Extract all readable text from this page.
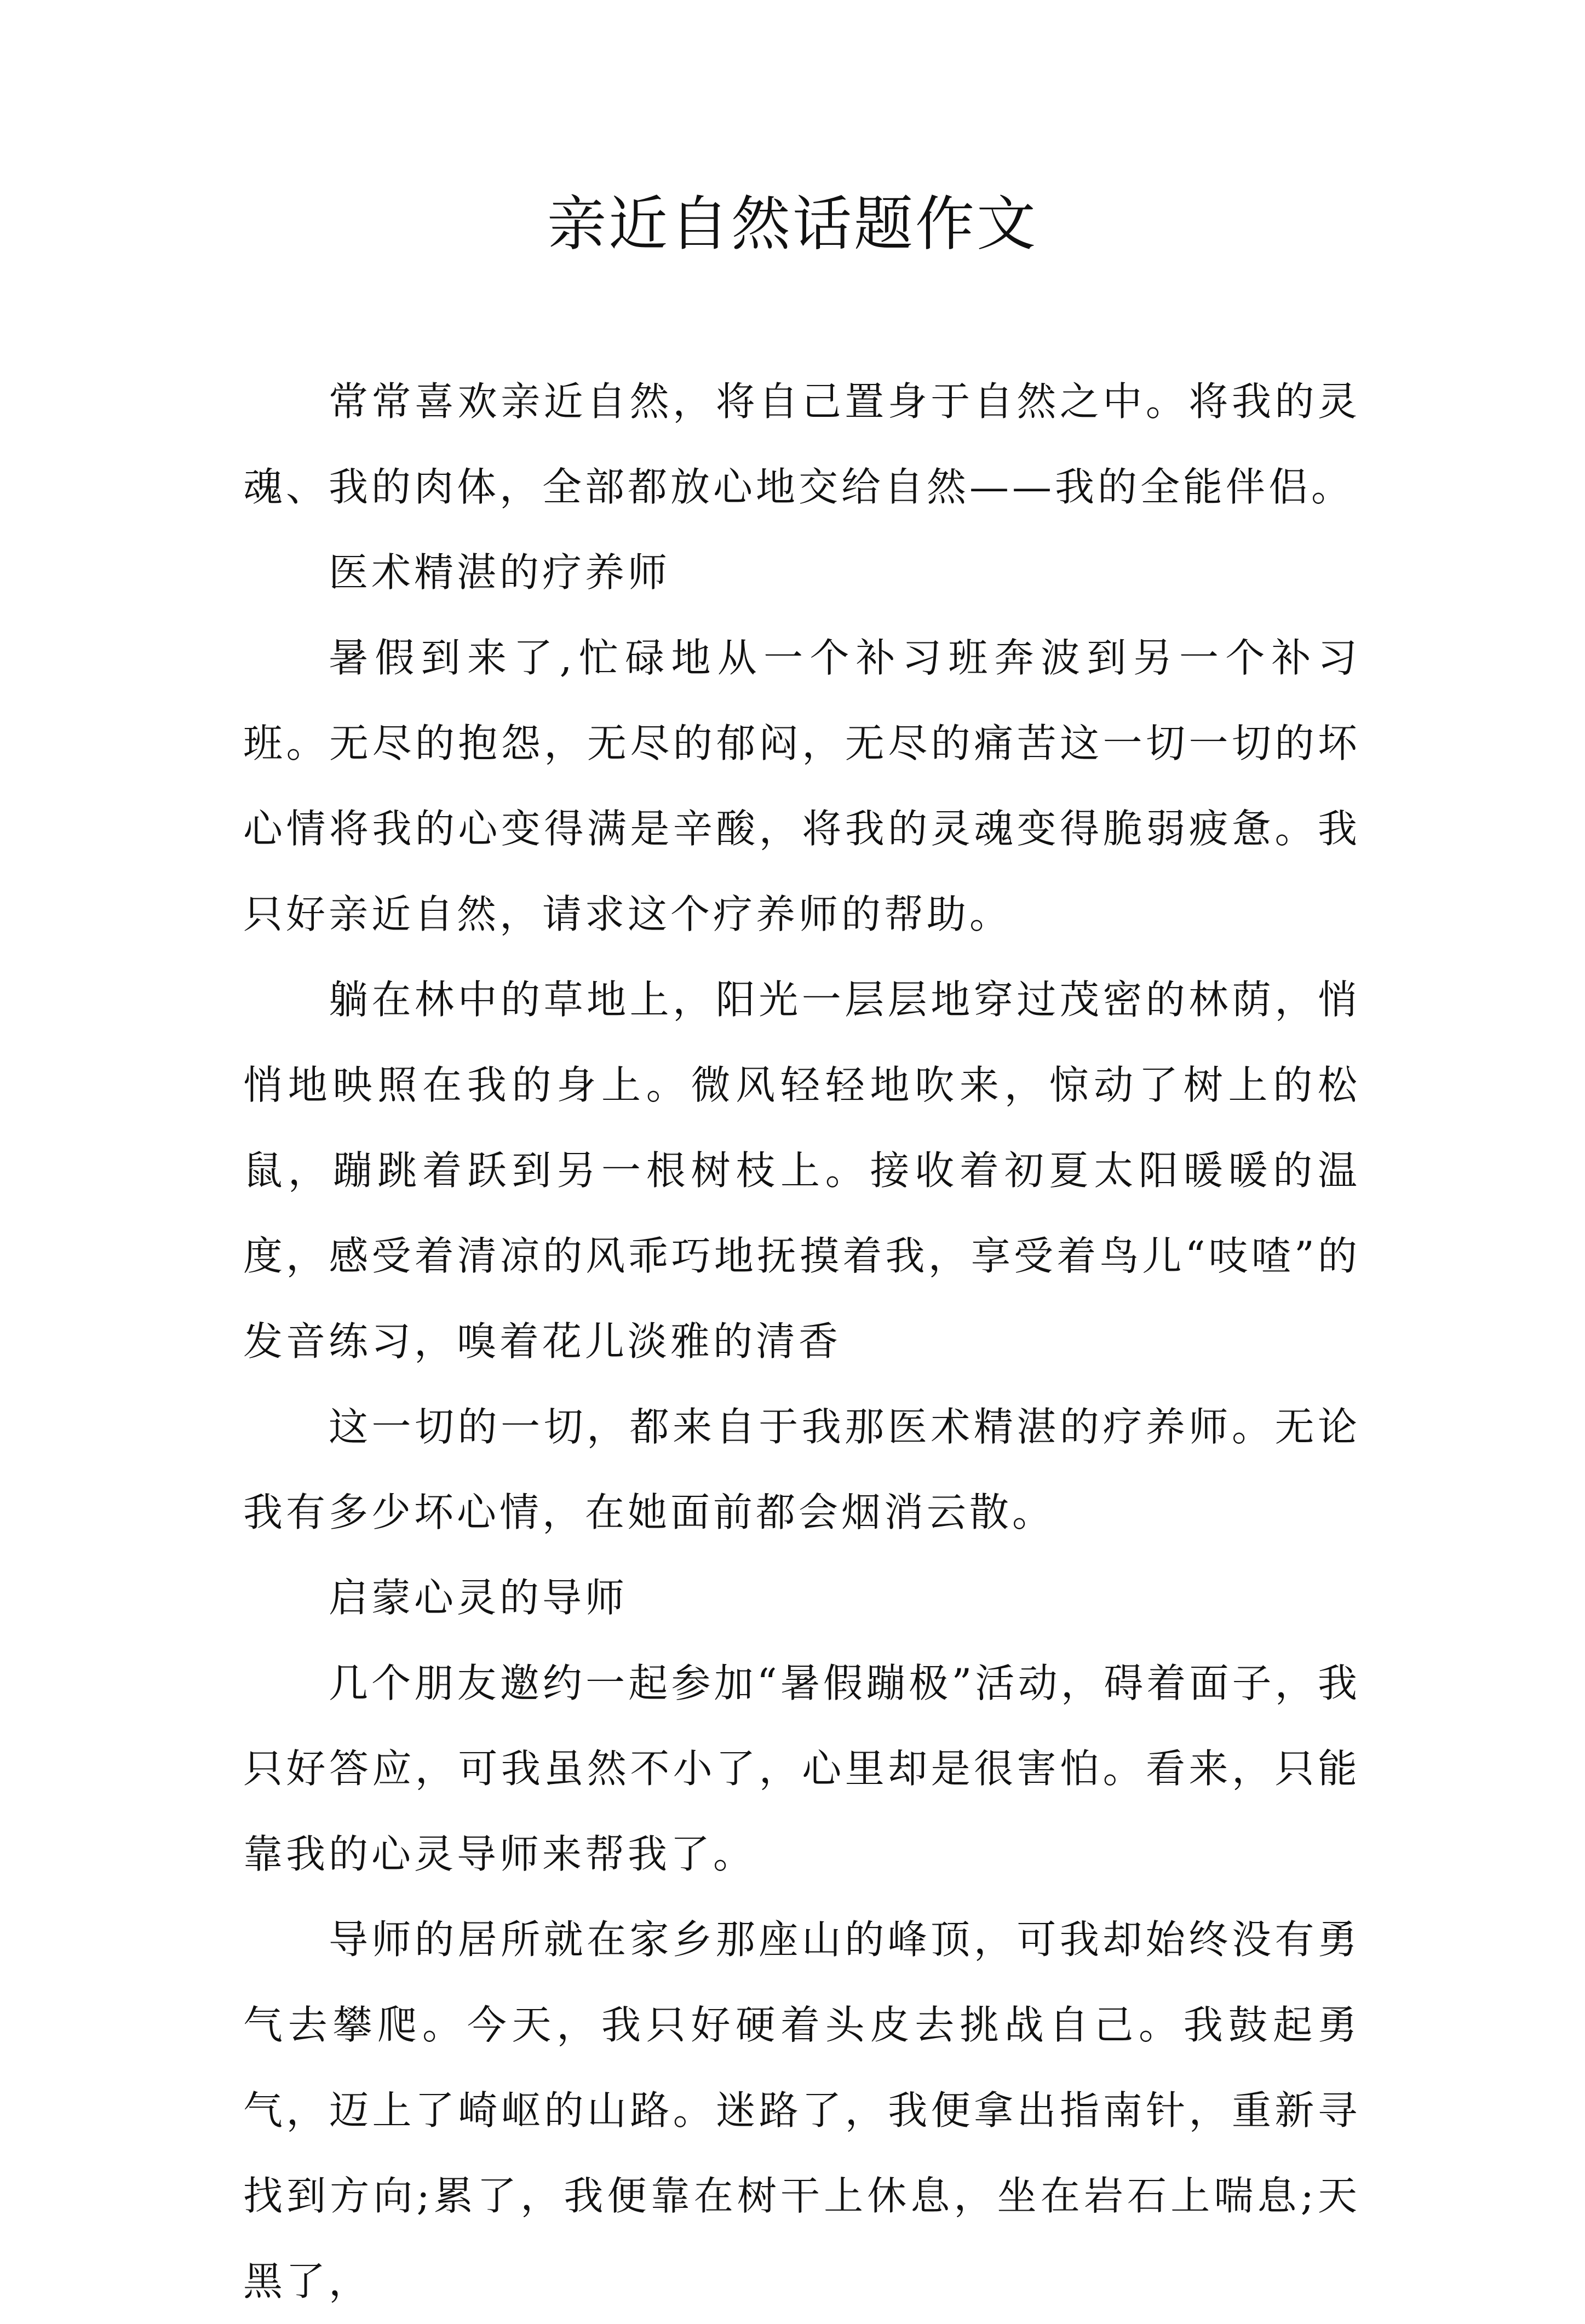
亲近自然话题作文

常常喜欢亲近自然，将自己置身于自然之中。将我的灵魂、我的肉体，全部都放心地交给自然——我的全能伴侣。

医术精湛的疗养师

暑假到来了,忙碌地从一个补习班奔波到另一个补习班。无尽的抱怨，无尽的郁闷，无尽的痛苦这一切一切的坏心情将我的心变得满是辛酸，将我的灵魂变得脆弱疲惫。我只好亲近自然，请求这个疗养师的帮助。

躺在林中的草地上，阳光一层层地穿过茂密的林荫，悄悄地映照在我的身上。微风轻轻地吹来，惊动了树上的松鼠，蹦跳着跃到另一根树枝上。接收着初夏太阳暖暖的温度，感受着清凉的风乖巧地抚摸着我，享受着鸟儿“吱喳”的发音练习，嗅着花儿淡雅的清香

这一切的一切，都来自于我那医术精湛的疗养师。无论我有多少坏心情，在她面前都会烟消云散。

启蒙心灵的导师

几个朋友邀约一起参加“暑假蹦极”活动，碍着面子，我只好答应，可我虽然不小了，心里却是很害怕。看来，只能靠我的心灵导师来帮我了。

导师的居所就在家乡那座山的峰顶，可我却始终没有勇气去攀爬。今天，我只好硬着头皮去挑战自己。我鼓起勇气，迈上了崎岖的山路。迷路了，我便拿出指南针，重新寻找到方向;累了，我便靠在树干上休息，坐在岩石上喘息;天黑了，
